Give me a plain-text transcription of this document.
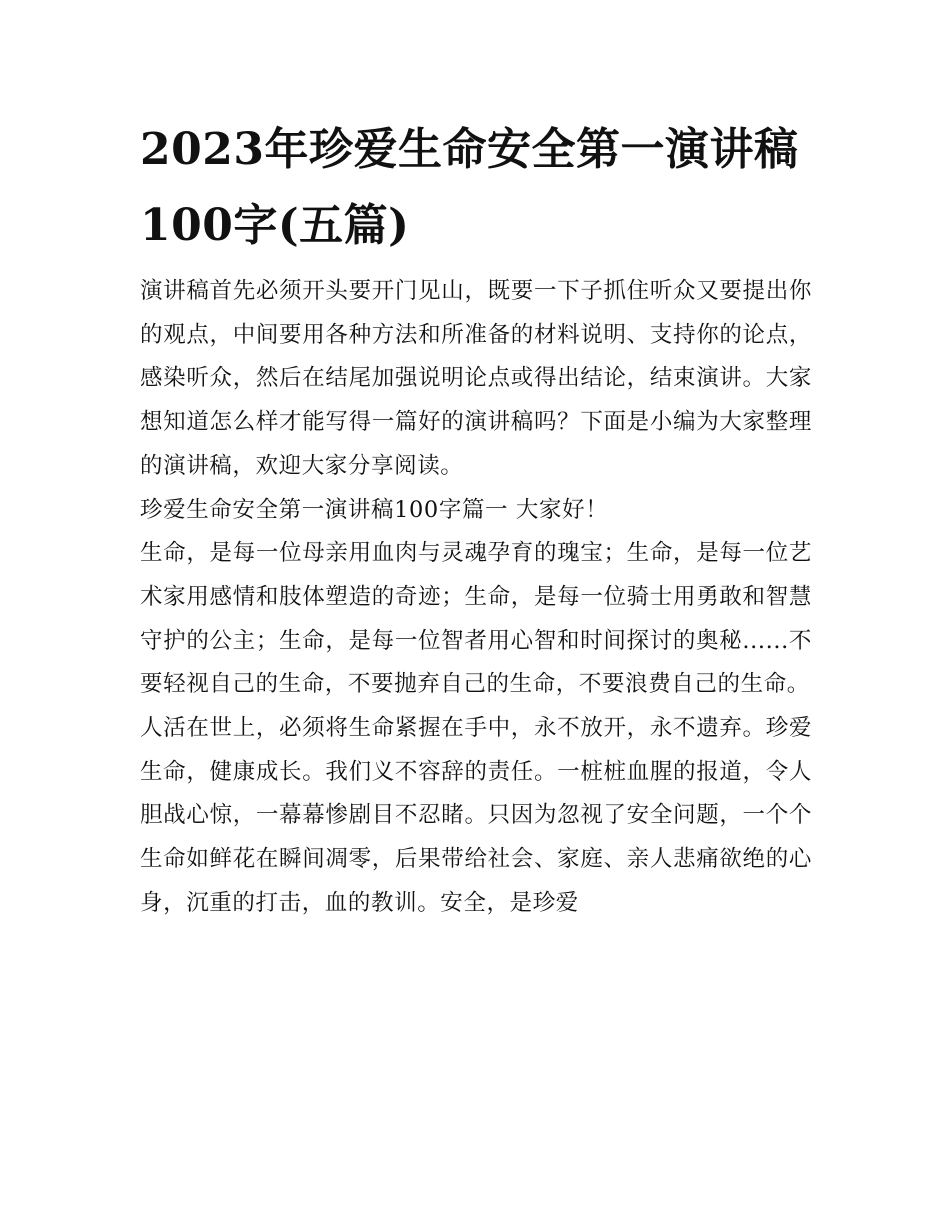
2023年珍爱生命安全第一演讲稿100字(五篇)

演讲稿首先必须开头要开门见山，既要一下子抓住听众又要提出你的观点，中间要用各种方法和所准备的材料说明、支持你的论点，感染听众，然后在结尾加强说明论点或得出结论，结束演讲。大家想知道怎么样才能写得一篇好的演讲稿吗？下面是小编为大家整理的演讲稿，欢迎大家分享阅读。

珍爱生命安全第一演讲稿100字篇一 大家好！

生命，是每一位母亲用血肉与灵魂孕育的瑰宝；生命，是每一位艺术家用感情和肢体塑造的奇迹；生命，是每一位骑士用勇敢和智慧守护的公主；生命，是每一位智者用心智和时间探讨的奥秘......不要轻视自己的生命，不要抛弃自己的生命，不要浪费自己的生命。

人活在世上，必须将生命紧握在手中，永不放开，永不遗弃。珍爱生命，健康成长。我们义不容辞的责任。一桩桩血腥的报道，令人胆战心惊，一幕幕惨剧目不忍睹。只因为忽视了安全问题，一个个生命如鲜花在瞬间凋零，后果带给社会、家庭、亲人悲痛欲绝的心身，沉重的打击，血的教训。安全，是珍爱
